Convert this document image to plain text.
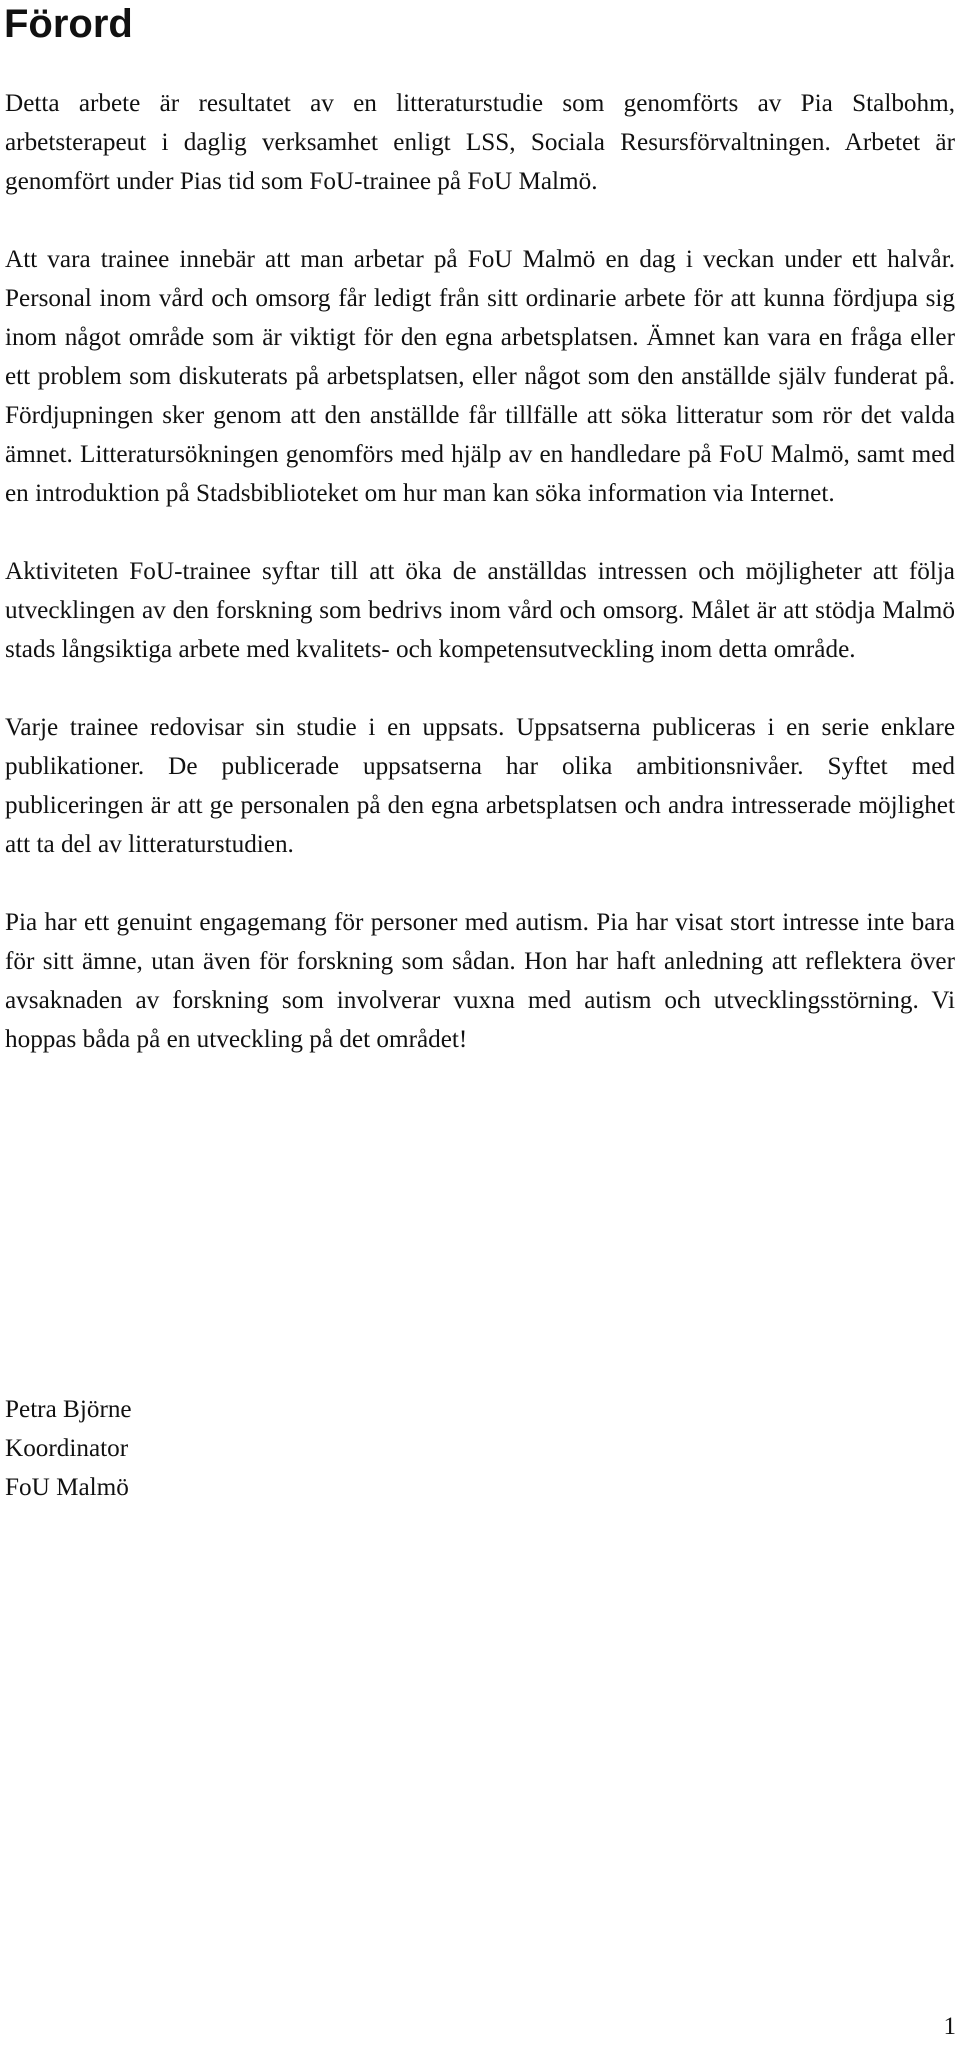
Förord

Detta arbete är resultatet av en litteraturstudie som genomförts av Pia Stalbohm, arbetsterapeut i daglig verksamhet enligt LSS, Sociala Resursförvaltningen. Arbetet är genomfört under Pias tid som FoU-trainee på FoU Malmö.

Att vara trainee innebär att man arbetar på FoU Malmö en dag i veckan under ett halvår. Personal inom vård och omsorg får ledigt från sitt ordinarie arbete för att kunna fördjupa sig inom något område som är viktigt för den egna arbetsplatsen. Ämnet kan vara en fråga eller ett problem som diskuterats på arbetsplatsen, eller något som den anställde själv funderat på. Fördjupningen sker genom att den anställde får tillfälle att söka litteratur som rör det valda ämnet. Litteratursökningen genomförs med hjälp av en handledare på FoU Malmö, samt med en introduktion på Stadsbiblioteket om hur man kan söka information via Internet.

Aktiviteten FoU-trainee syftar till att öka de anställdas intressen och möjligheter att följa utvecklingen av den forskning som bedrivs inom vård och omsorg. Målet är att stödja Malmö stads långsiktiga arbete med kvalitets- och kompetensutveckling inom detta område.

Varje trainee redovisar sin studie i en uppsats. Uppsatserna publiceras i en serie enklare publikationer. De publicerade uppsatserna har olika ambitionsnivåer. Syftet med publiceringen är att ge personalen på den egna arbetsplatsen och andra intresserade möjlighet att ta del av litteraturstudien.

Pia har ett genuint engagemang för personer med autism. Pia har visat stort intresse inte bara för sitt ämne, utan även för forskning som sådan. Hon har haft anledning att reflektera över avsaknaden av forskning som involverar vuxna med autism och utvecklingsstörning. Vi hoppas båda på en utveckling på det området!

Petra Björne
Koordinator
FoU Malmö
1
